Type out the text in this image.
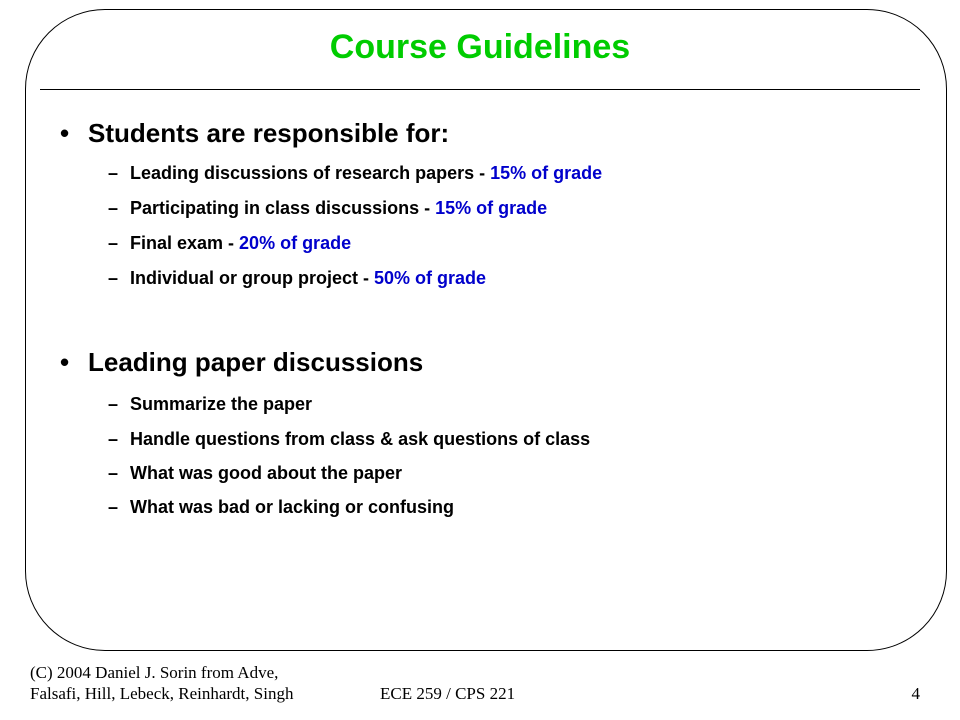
Course Guidelines
• Students are responsible for:
– Leading discussions of research papers - 15% of grade
– Participating in class discussions - 15% of grade
– Final exam - 20% of grade
– Individual or group project - 50% of grade
• Leading paper discussions
– Summarize the paper
– Handle questions from class & ask questions of class
– What was good about the paper
– What was bad or lacking or confusing
(C) 2004 Daniel J. Sorin from Adve,
Falsafi, Hill, Lebeck, Reinhardt, Singh	ECE 259 / CPS 221	4
